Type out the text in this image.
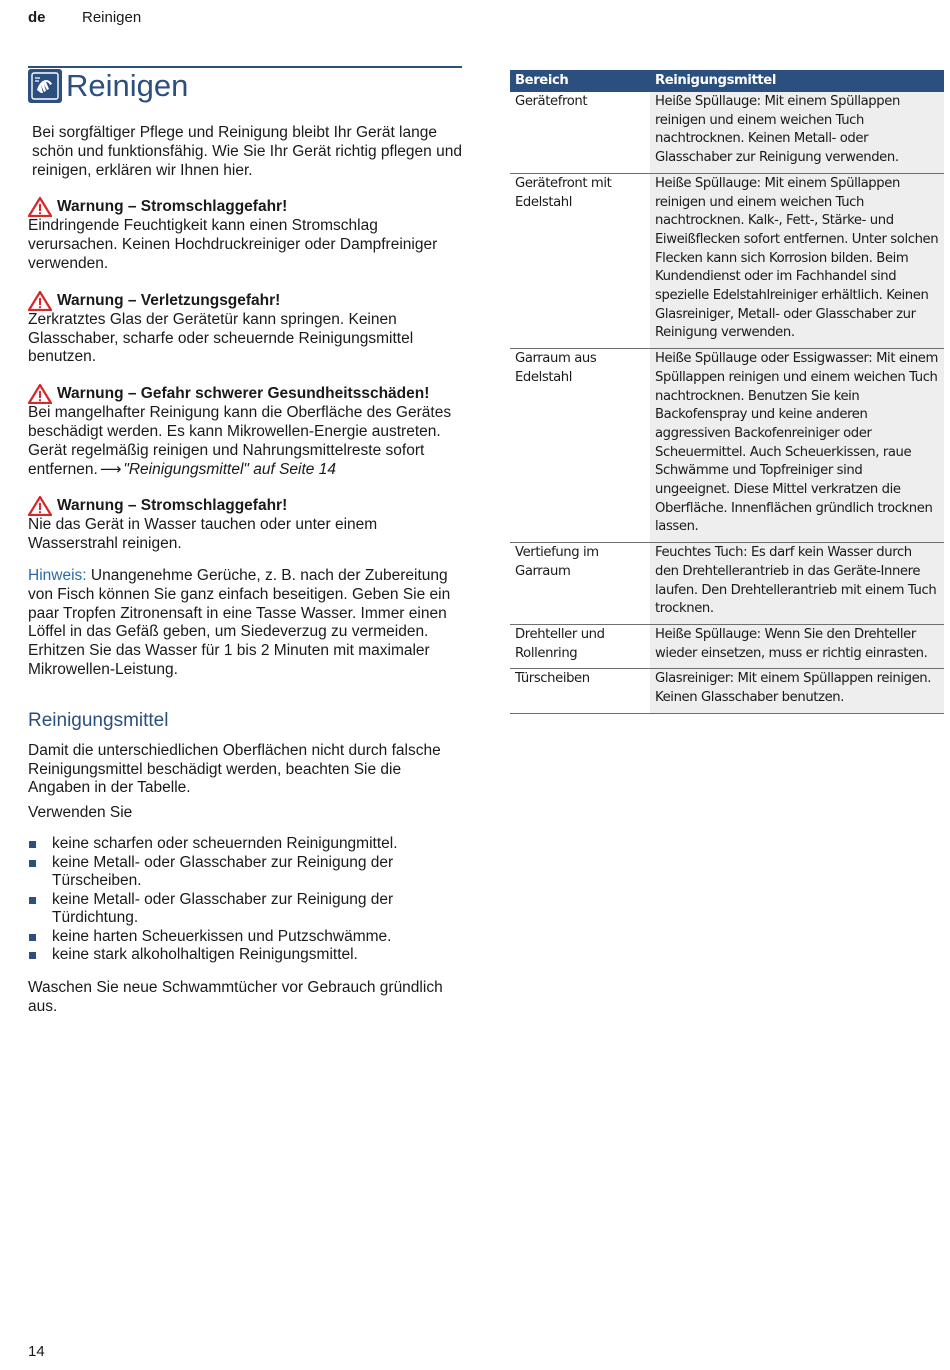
de Reinigen
Reinigen

Bei sorgfältiger Pflege und Reinigung bleibt Ihr Gerät lange schön und funktionsfähig. Wie Sie Ihr Gerät richtig pflegen und reinigen, erklären wir Ihnen hier.

Warnung – Stromschlaggefahr!

Eindringende Feuchtigkeit kann einen Stromschlag verursachen. Keinen Hochdruckreiniger oder Dampfreiniger verwenden.

Warnung – Verletzungsgefahr!

Zerkratztes Glas der Gerätetür kann springen. Keinen Glasschaber, scharfe oder scheuernde Reinigungsmittel benutzen.

Warnung – Gefahr schwerer Gesundheitsschäden!

Bei mangelhafter Reinigung kann die Oberfläche des Gerätes beschädigt werden. Es kann Mikrowellen-Energie austreten. Gerät regelmäßig reinigen und Nahrungsmittelreste sofort entfernen. ⟶ "Reinigungsmittel" auf Seite 14

Warnung – Stromschlaggefahr!

Nie das Gerät in Wasser tauchen oder unter einem Wasserstrahl reinigen.

Hinweis: Unangenehme Gerüche, z. B. nach der Zubereitung von Fisch können Sie ganz einfach beseitigen. Geben Sie ein paar Tropfen Zitronensaft in eine Tasse Wasser. Immer einen Löffel in das Gefäß geben, um Siedeverzug zu vermeiden. Erhitzen Sie das Wasser für 1 bis 2 Minuten mit maximaler Mikrowellen-Leistung.

Reinigungsmittel

Damit die unterschiedlichen Oberflächen nicht durch falsche Reinigungsmittel beschädigt werden, beachten Sie die Angaben in der Tabelle.

Verwenden Sie

keine scharfen oder scheuernden Reinigungmittel.
keine Metall- oder Glasschaber zur Reinigung der Türscheiben.
keine Metall- oder Glasschaber zur Reinigung der Türdichtung.
keine harten Scheuerkissen und Putzschwämme.
keine stark alkoholhaltigen Reinigungsmittel.

Waschen Sie neue Schwammtücher vor Gebrauch gründlich aus.

Bereich	Reinigungsmittel
Gerätefront	Heiße Spüllauge: Mit einem Spüllappen reinigen und einem weichen Tuch nachtrocknen. Keinen Metall- oder Glasschaber zur Reinigung verwenden.
Gerätefront mit Edelstahl	Heiße Spüllauge: Mit einem Spüllappen reinigen und einem weichen Tuch nachtrocknen. Kalk-, Fett-, Stärke- und Eiweißflecken sofort entfernen. Unter solchen Flecken kann sich Korrosion bilden. Beim Kundendienst oder im Fachhandel sind spezielle Edelstahlreiniger erhältlich. Keinen Glasreiniger, Metall- oder Glasschaber zur Reinigung verwenden.
Garraum aus Edelstahl	Heiße Spüllauge oder Essigwasser: Mit einem Spüllappen reinigen und einem weichen Tuch nachtrocknen. Benutzen Sie kein Backofenspray und keine anderen aggressiven Backofenreiniger oder Scheuermittel. Auch Scheuerkissen, raue Schwämme und Topfreiniger sind ungeeignet. Diese Mittel verkratzen die Oberfläche. Innenflächen gründlich trocknen lassen.
Vertiefung im Garraum	Feuchtes Tuch: Es darf kein Wasser durch den Drehtellerantrieb in das Geräte-Innere laufen. Den Drehtellerantrieb mit einem Tuch trocknen.
Drehteller und Rollenring	Heiße Spüllauge: Wenn Sie den Drehteller wieder einsetzen, muss er richtig einrasten.
Türscheiben	Glasreiniger: Mit einem Spüllappen reinigen. Keinen Glasschaber benutzen.
14
